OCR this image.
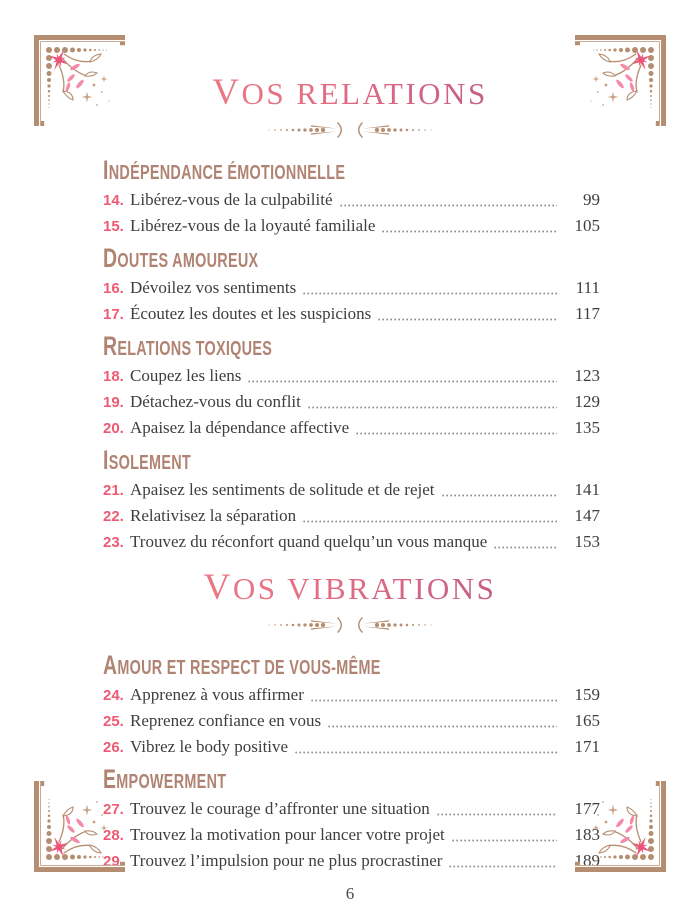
VOS RELATIONS
INDÉPENDANCE ÉMOTIONNELLE
14. Libérez-vous de la culpabilité	99
15. Libérez-vous de la loyauté familiale	105
DOUTES AMOUREUX
16. Dévoilez vos sentiments	111
17. Écoutez les doutes et les suspicions	117
RELATIONS TOXIQUES
18. Coupez les liens	123
19. Détachez-vous du conflit	129
20. Apaisez la dépendance affective	135
ISOLEMENT
21. Apaisez les sentiments de solitude et de rejet	141
22. Relativisez la séparation	147
23. Trouvez du réconfort quand quelqu’un vous manque	153
VOS VIBRATIONS
AMOUR ET RESPECT DE VOUS-MÊME
24. Apprenez à vous affirmer	159
25. Reprenez confiance en vous	165
26. Vibrez le body positive	171
EMPOWERMENT
27. Trouvez le courage d’affronter une situation	177
28. Trouvez la motivation pour lancer votre projet	183
29. Trouvez l’impulsion pour ne plus procrastiner	189
6
